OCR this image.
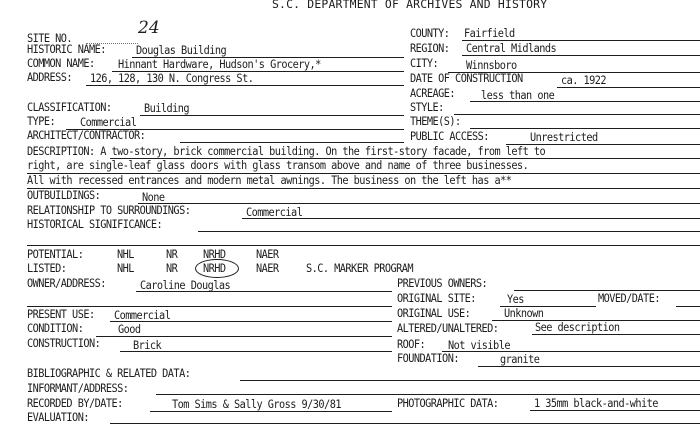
S.C. DEPARTMENT OF ARCHIVES AND HISTORY
SITE NO.	24	COUNTY: Fairfield
HISTORIC NAME:	Douglas Building	REGION: Central Midlands
COMMON NAME: Hinnant Hardware, Hudson's Grocery,*	CITY: Winnsboro
ADDRESS: 126, 128, 130 N. Congress St.	DATE OF CONSTRUCTION	ca. 1922
ACREAGE: less than one
CLASSIFICATION:	Building	STYLE:
TYPE: Commercial	THEME(S):
ARCHITECT/CONTRACTOR:	PUBLIC ACCESS:	Unrestricted
DESCRIPTION: A two-story, brick commercial building. On the first-story facade, from left to
right, are single-leaf glass doors with glass transom above and name of three businesses.
All with recessed entrances and modern metal awnings. The business on the left has a**
OUTBUILDINGS:	None
RELATIONSHIP TO SURROUNDINGS:	Commercial
HISTORICAL SIGNIFICANCE:
POTENTIAL:	NHL	NR NRHD	NAER
LISTED:	NHL	NR NRHD	NAER S.C. MARKER PROGRAM
OWNER/ADDRESS:	Caroline Douglas	PREVIOUS OWNERS:
ORIGINAL SITE:	Yes	MOVED/DATE:
PRESENT USE: Commercial	ORIGINAL USE:	Unknown
CONDITION:	Good	ALTERED/UNALTERED:	See description
CONSTRUCTION:	Brick	ROOF: Not visible
FOUNDATION:	granite
BIBLIOGRAPHIC & RELATED DATA:
INFORMANT/ADDRESS:
RECORDED BY/DATE:	Tom Sims & Sally Gross 9/30/81	PHOTOGRAPHIC DATA:	1 35mm black-and-white
EVALUATION:
